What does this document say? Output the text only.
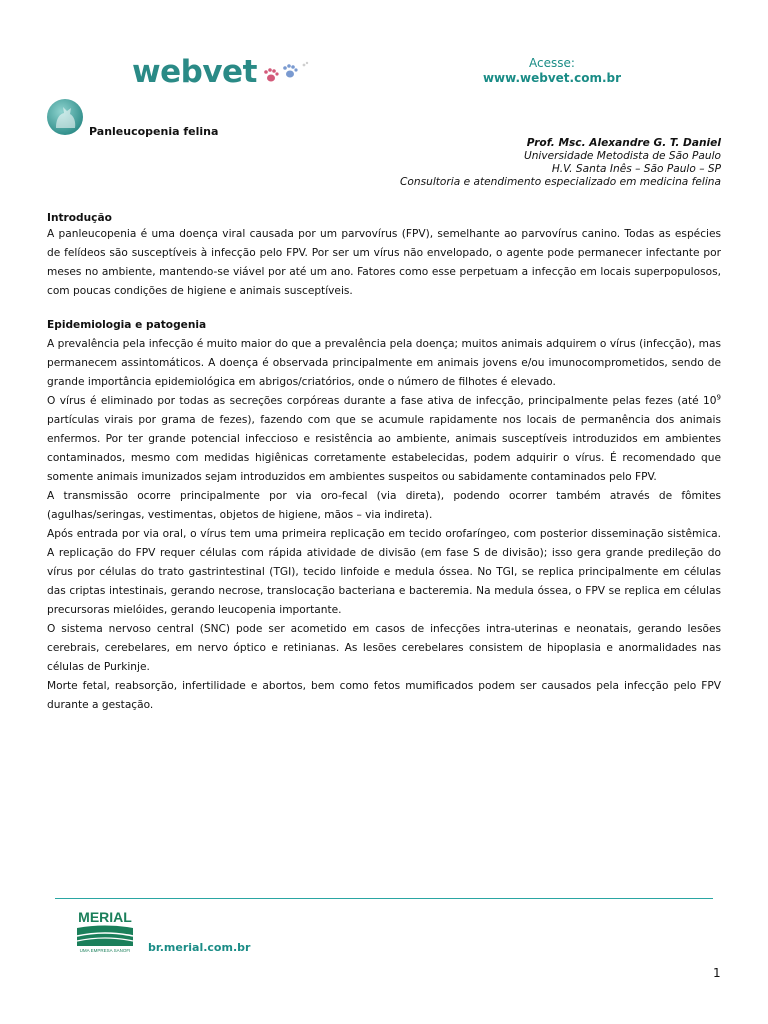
webvet	Acesse:
www.webvet.com.br
Panleucopenia felina
Prof. Msc. Alexandre G. T. Daniel
Universidade Metodista de São Paulo
H.V. Santa Inês – São Paulo – SP
Consultoria e atendimento especializado em medicina felina
Introdução

A panleucopenia é uma doença viral causada por um parvovírus (FPV), semelhante ao parvovírus canino. Todas as espécies de felídeos são susceptíveis à infecção pelo FPV. Por ser um vírus não envelopado, o agente pode permanecer infectante por meses no ambiente, mantendo-se viável por até um ano. Fatores como esse perpetuam a infecção em locais superpopulosos, com poucas condições de higiene e animais susceptíveis.

Epidemiologia e patogenia

A prevalência pela infecção é muito maior do que a prevalência pela doença; muitos animais adquirem o vírus (infecção), mas permanecem assintomáticos. A doença é observada principalmente em animais jovens e/ou imunocomprometidos, sendo de grande importância epidemiológica em abrigos/criatórios, onde o número de filhotes é elevado.

O vírus é eliminado por todas as secreções corpóreas durante a fase ativa de infecção, principalmente pelas fezes (até $10^9$ partículas virais por grama de fezes), fazendo com que se acumule rapidamente nos locais de permanência dos animais enfermos. Por ter grande potencial infeccioso e resistência ao ambiente, animais susceptíveis introduzidos em ambientes contaminados, mesmo com medidas higiênicas corretamente estabelecidas, podem adquirir o vírus. É recomendado que somente animais imunizados sejam introduzidos em ambientes suspeitos ou sabidamente contaminados pelo FPV.

A transmissão ocorre principalmente por via oro-fecal (via direta), podendo ocorrer também através de fômites (agulhas/seringas, vestimentas, objetos de higiene, mãos – via indireta).

Após entrada por via oral, o vírus tem uma primeira replicação em tecido orofaríngeo, com posterior disseminação sistêmica. A replicação do FPV requer células com rápida atividade de divisão (em fase S de divisão); isso gera grande predileção do vírus por células do trato gastrintestinal (TGI), tecido linfoide e medula óssea. No TGI, se replica principalmente em células das criptas intestinais, gerando necrose, translocação bacteriana e bacteremia. Na medula óssea, o FPV se replica em células precursoras mielóides, gerando leucopenia importante.

O sistema nervoso central (SNC) pode ser acometido em casos de infecções intra-uterinas e neonatais, gerando lesões cerebrais, cerebelares, em nervo óptico e retinianas. As lesões cerebelares consistem de hipoplasia e anormalidades nas células de Purkinje.

Morte fetal, reabsorção, infertilidade e abortos, bem como fetos mumificados podem ser causados pela infecção pelo FPV durante a gestação.

MERIAL
UMA EMPRESA SANOFI br.merial.com.br
1
